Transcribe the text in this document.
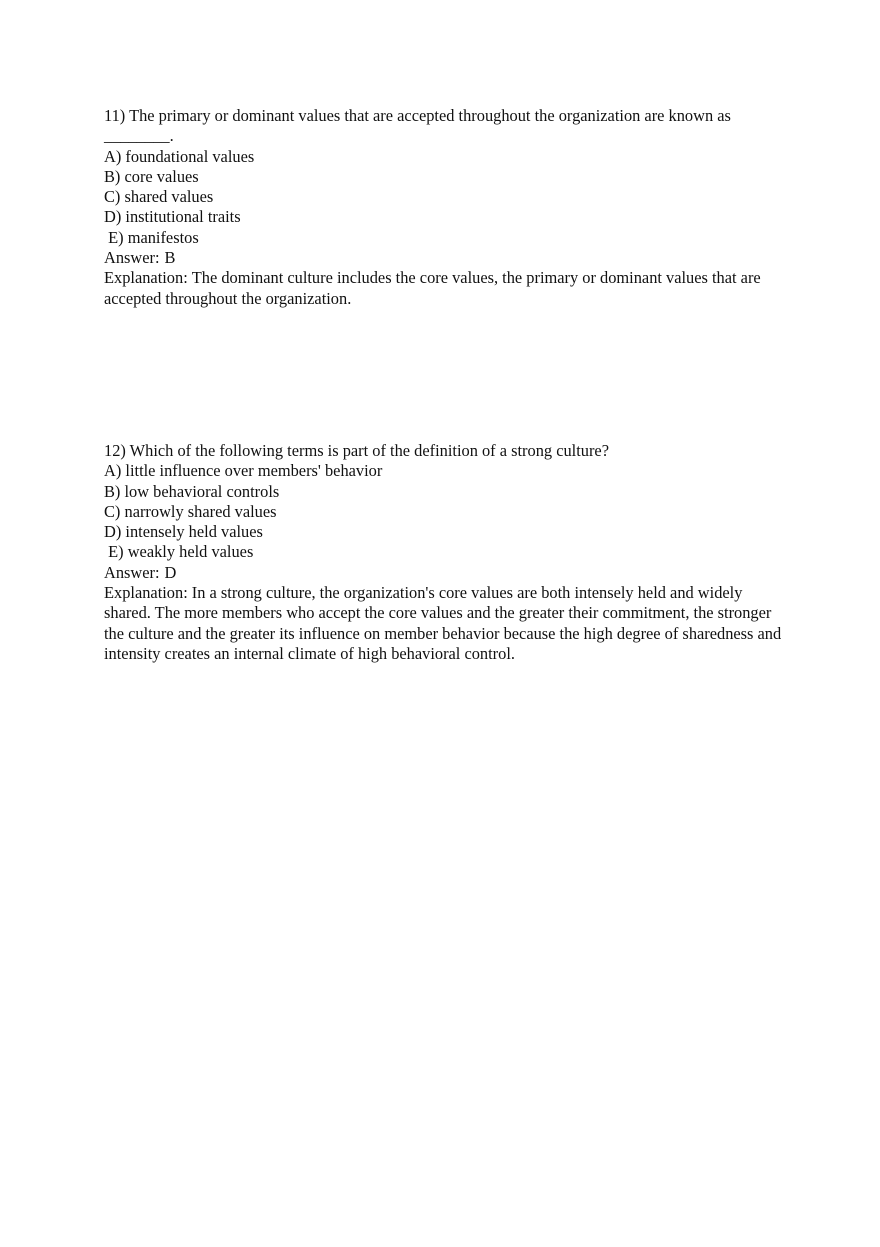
11) The primary or dominant values that are accepted throughout the organization are known as ________.

A) foundational values

B) core values

C) shared values

D) institutional traits

E) manifestos

Answer: B

Explanation: The dominant culture includes the core values, the primary or dominant values that are accepted throughout the organization.

12) Which of the following terms is part of the definition of a strong culture?

A) little influence over members' behavior

B) low behavioral controls

C) narrowly shared values

D) intensely held values

E) weakly held values

Answer: D

Explanation: In a strong culture, the organization's core values are both intensely held and widely shared. The more members who accept the core values and the greater their commitment, the stronger the culture and the greater its influence on member behavior because the high degree of sharedness and intensity creates an internal climate of high behavioral control.
